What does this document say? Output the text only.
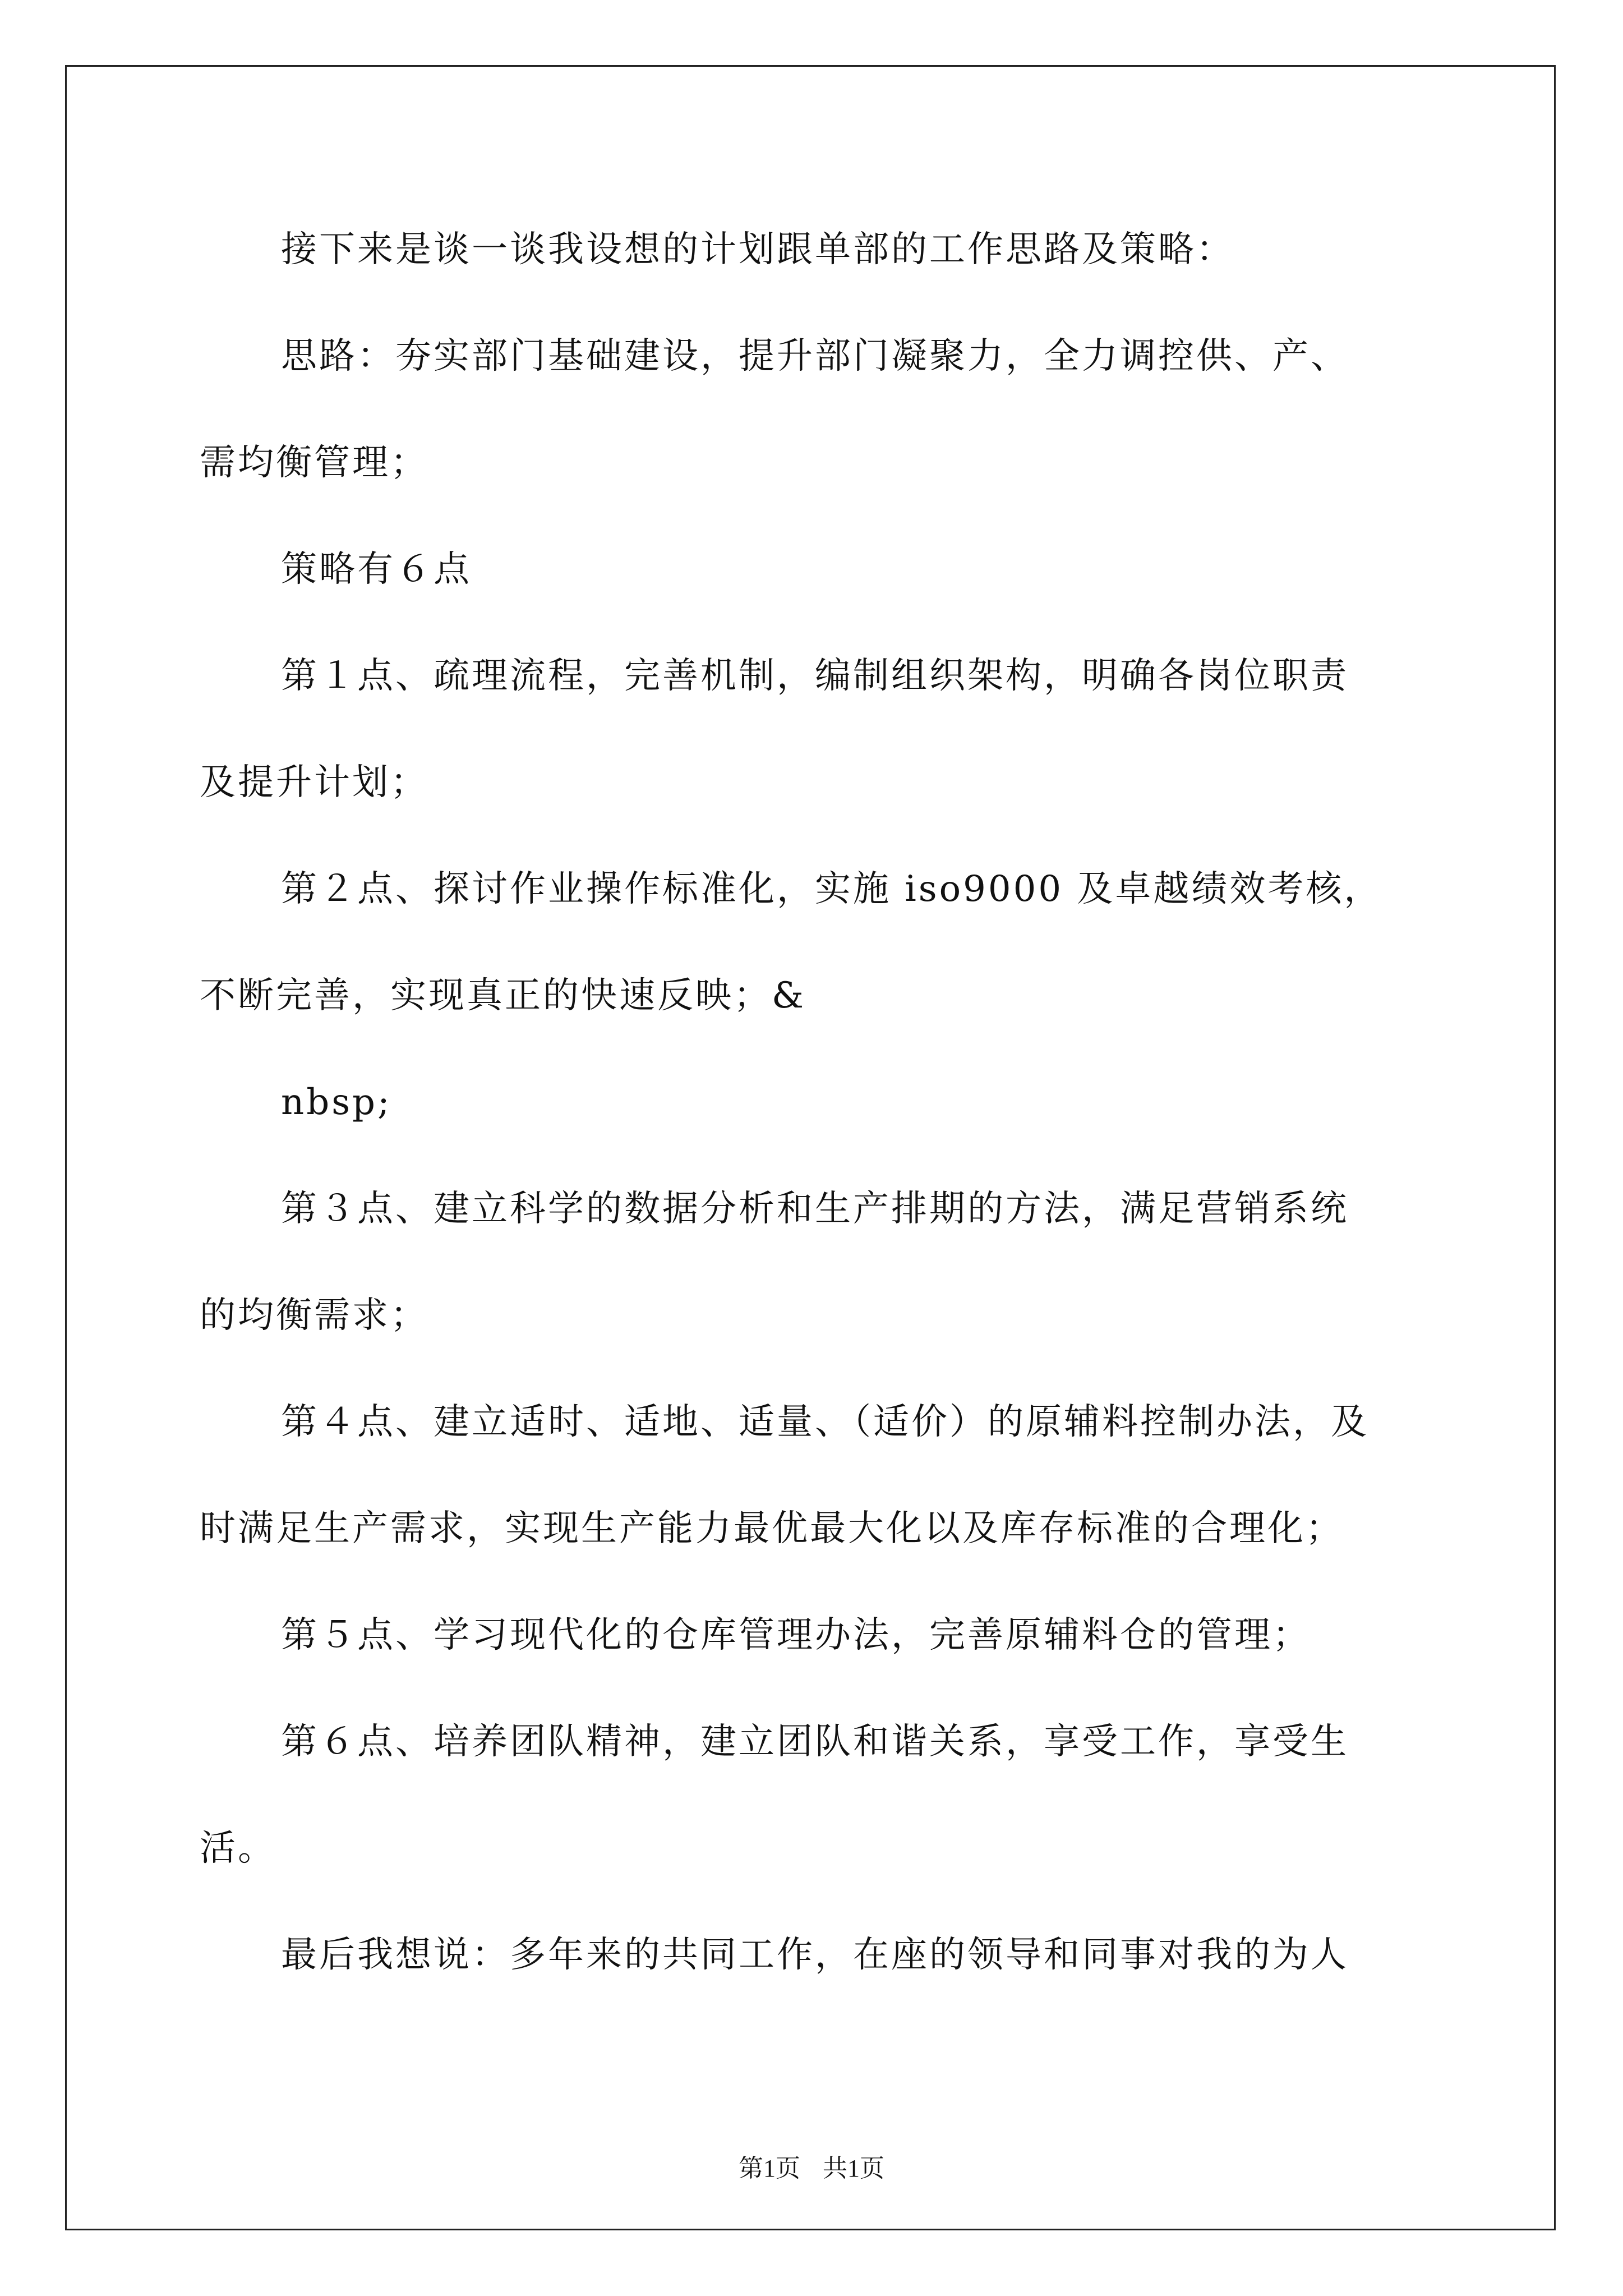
接下来是谈一谈我设想的计划跟单部的工作思路及策略：
思路：夯实部门基础建设，提升部门凝聚力，全力调控供、产、
需均衡管理；
策略有６点
第１点、疏理流程，完善机制，编制组织架构，明确各岗位职责
及提升计划；
第２点、探讨作业操作标准化，实施 iso9000 及卓越绩效考核，
不断完善，实现真正的快速反映；&
nbsp;
第３点、建立科学的数据分析和生产排期的方法，满足营销系统
的均衡需求；
第４点、建立适时、适地、适量、（适价）的原辅料控制办法，及
时满足生产需求，实现生产能力最优最大化以及库存标准的合理化；
第５点、学习现代化的仓库管理办法，完善原辅料仓的管理；
第６点、培养团队精神，建立团队和谐关系，享受工作，享受生
活。
最后我想说：多年来的共同工作，在座的领导和同事对我的为人
第1页 共1页
